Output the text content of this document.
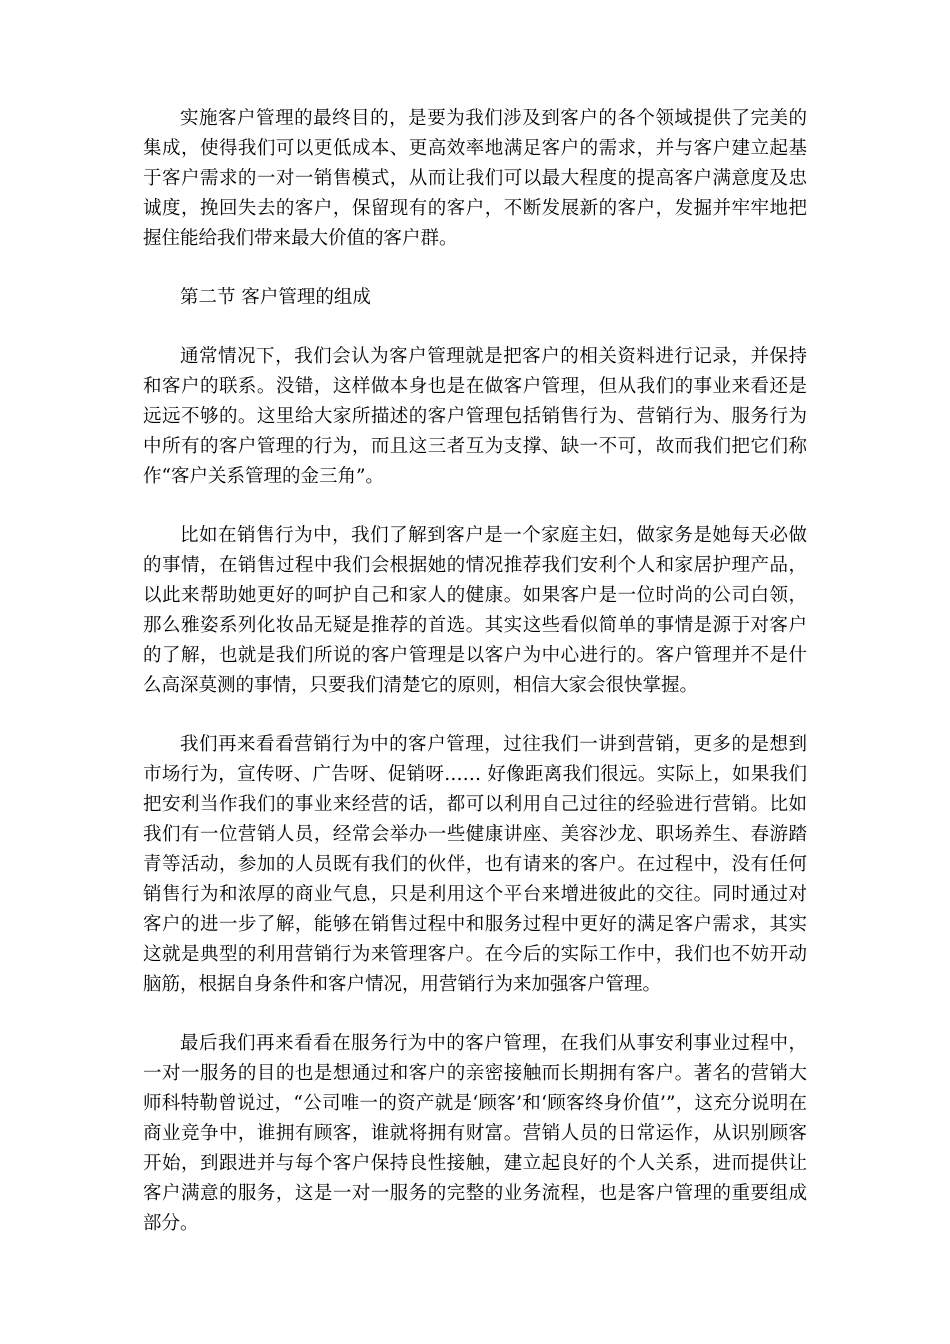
实施客户管理的最终目的，是要为我们涉及到客户的各个领域提供了完美的集成，使得我们可以更低成本、更高效率地满足客户的需求，并与客户建立起基于客户需求的一对一销售模式，从而让我们可以最大程度的提高客户满意度及忠诚度，挽回失去的客户，保留现有的客户，不断发展新的客户，发掘并牢牢地把握住能给我们带来最大价值的客户群。

第二节 客户管理的组成

通常情况下，我们会认为客户管理就是把客户的相关资料进行记录，并保持和客户的联系。没错，这样做本身也是在做客户管理，但从我们的事业来看还是远远不够的。这里给大家所描述的客户管理包括销售行为、营销行为、服务行为中所有的客户管理的行为，而且这三者互为支撑、缺一不可，故而我们把它们称作“客户关系管理的金三角”。

比如在销售行为中，我们了解到客户是一个家庭主妇，做家务是她每天必做的事情，在销售过程中我们会根据她的情况推荐我们安利个人和家居护理产品，以此来帮助她更好的呵护自己和家人的健康。如果客户是一位时尚的公司白领，那么雅姿系列化妆品无疑是推荐的首选。其实这些看似简单的事情是源于对客户的了解，也就是我们所说的客户管理是以客户为中心进行的。客户管理并不是什么高深莫测的事情，只要我们清楚它的原则，相信大家会很快掌握。

我们再来看看营销行为中的客户管理，过往我们一讲到营销，更多的是想到市场行为，宣传呀、广告呀、促销呀…… 好像距离我们很远。实际上，如果我们把安利当作我们的事业来经营的话，都可以利用自己过往的经验进行营销。比如我们有一位营销人员，经常会举办一些健康讲座、美容沙龙、职场养生、春游踏青等活动，参加的人员既有我们的伙伴，也有请来的客户。在过程中，没有任何销售行为和浓厚的商业气息，只是利用这个平台来增进彼此的交往。同时通过对客户的进一步了解，能够在销售过程中和服务过程中更好的满足客户需求，其实这就是典型的利用营销行为来管理客户。在今后的实际工作中，我们也不妨开动脑筋，根据自身条件和客户情况，用营销行为来加强客户管理。

最后我们再来看看在服务行为中的客户管理，在我们从事安利事业过程中，一对一服务的目的也是想通过和客户的亲密接触而长期拥有客户。著名的营销大师科特勒曾说过，“公司唯一的资产就是‘顾客’和‘顾客终身价值’”，这充分说明在商业竞争中，谁拥有顾客，谁就将拥有财富。营销人员的日常运作，从识别顾客开始，到跟进并与每个客户保持良性接触，建立起良好的个人关系，进而提供让客户满意的服务，这是一对一服务的完整的业务流程，也是客户管理的重要组成部分。
